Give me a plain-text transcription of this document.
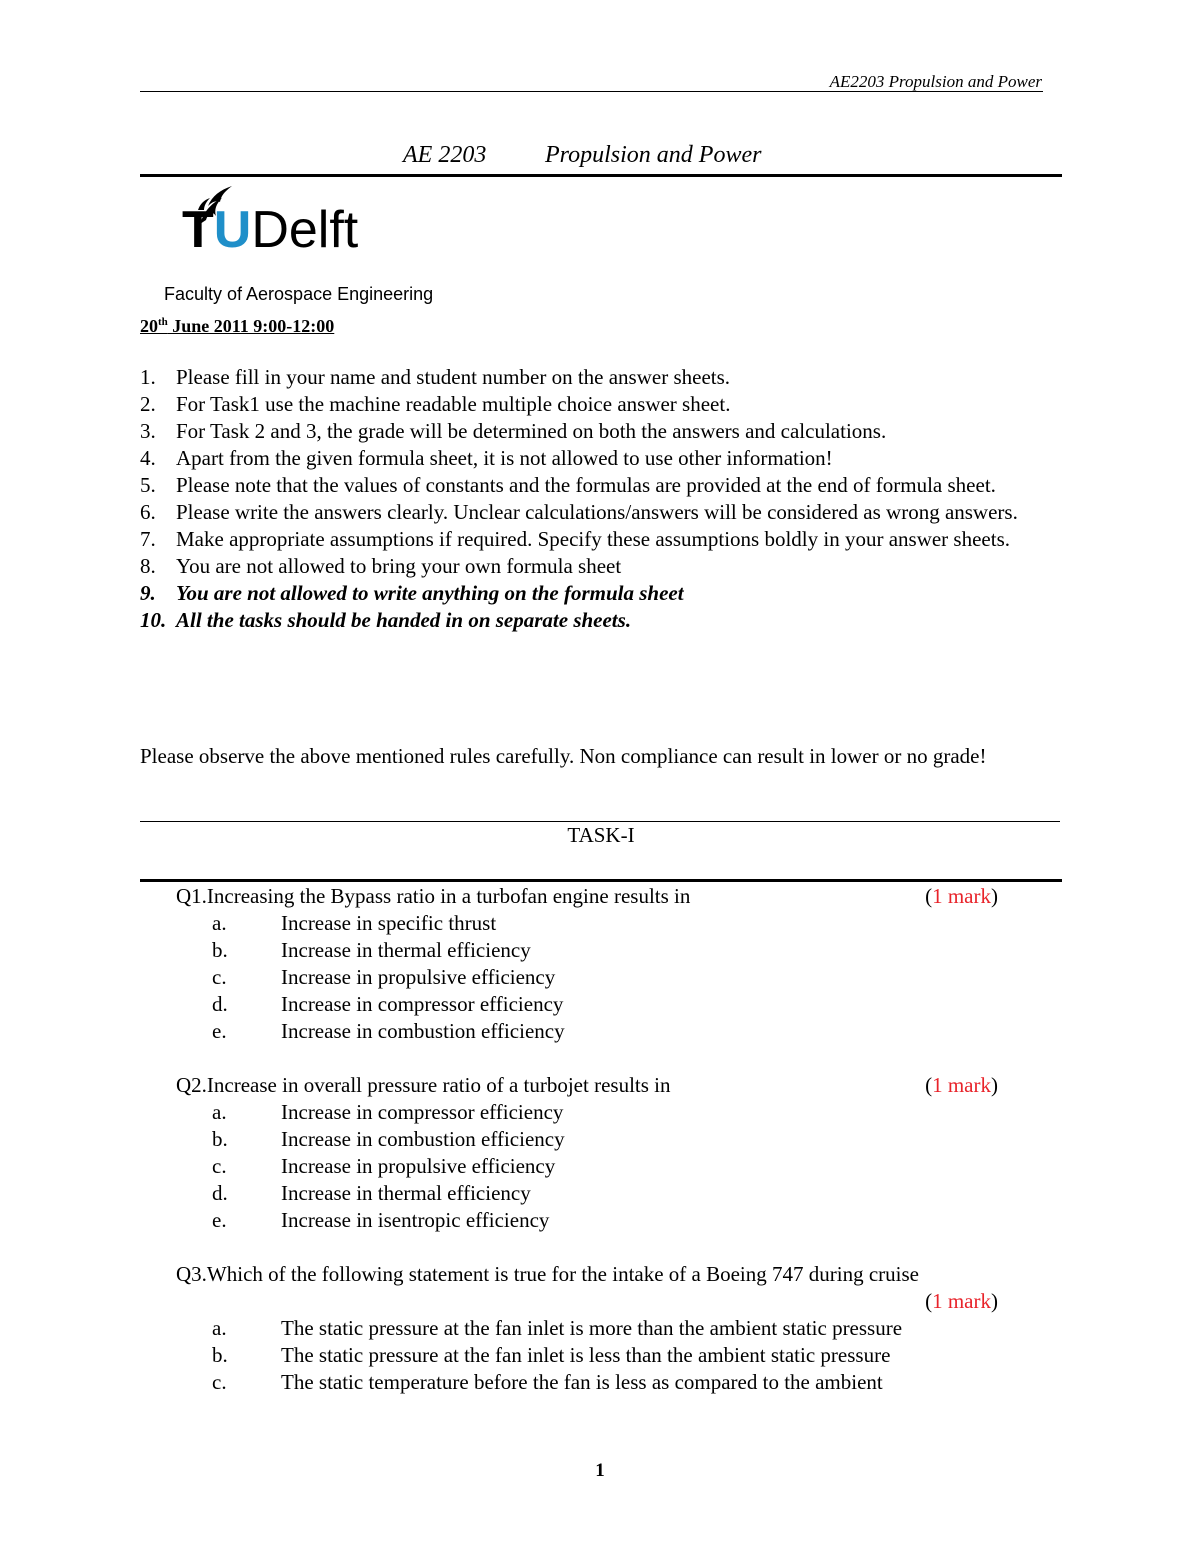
AE2203 Propulsion and Power
AE 2203 Propulsion and Power
TUDelft
Faculty of Aerospace Engineering
20th June 2011 9:00-12:00
1. Please fill in your name and student number on the answer sheets.
2. For Task1 use the machine readable multiple choice answer sheet.
3. For Task 2 and 3, the grade will be determined on both the answers and calculations.
4. Apart from the given formula sheet, it is not allowed to use other information!
5. Please note that the values of constants and the formulas are provided at the end of formula sheet.
6. Please write the answers clearly. Unclear calculations/answers will be considered as wrong answers.
7. Make appropriate assumptions if required. Specify these assumptions boldly in your answer sheets.
8. You are not allowed to bring your own formula sheet
9. You are not allowed to write anything on the formula sheet
10. All the tasks should be handed in on separate sheets.
Please observe the above mentioned rules carefully. Non compliance can result in lower or no grade!
TASK-I
Q1.Increasing the Bypass ratio in a turbofan engine results in	(1 mark)
a.	Increase in specific thrust
b.	Increase in thermal efficiency
c.	Increase in propulsive efficiency
d.	Increase in compressor efficiency
e.	Increase in combustion efficiency
Q2.Increase in overall pressure ratio of a turbojet results in	(1 mark)
a.	Increase in compressor efficiency
b.	Increase in combustion efficiency
c.	Increase in propulsive efficiency
d.	Increase in thermal efficiency
e.	Increase in isentropic efficiency
Q3.Which of the following statement is true for the intake of a Boeing 747 during cruise
(1 mark)
a.	The static pressure at the fan inlet is more than the ambient static pressure
b.	The static pressure at the fan inlet is less than the ambient static pressure
c.	The static temperature before the fan is less as compared to the ambient
1
